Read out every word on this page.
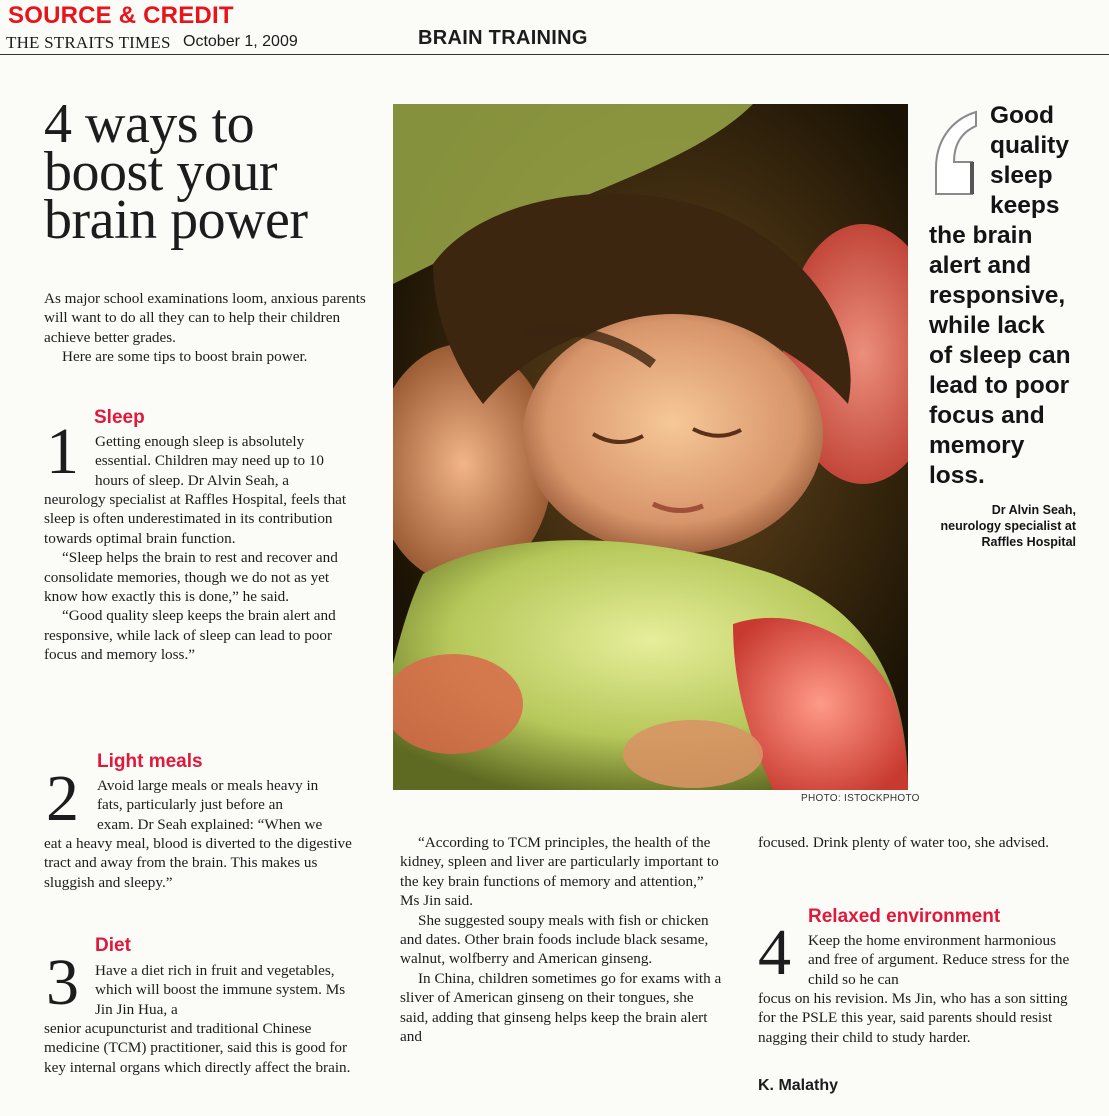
SOURCE & CREDIT
THE STRAITS TIMES October 1, 2009	BRAIN TRAINING
4 ways to
boost your
brain power

As major school examinations loom, anxious parents will want to do all they can to help their children achieve better grades.

Here are some tips to boost brain power.

Sleep
1 Getting enough sleep is absolutely essential. Children may need up to 10 hours of sleep. Dr Alvin Seah, a

neurology specialist at Raffles Hospital, feels that sleep is often underestimated in its contribution towards optimal brain function.

“Sleep helps the brain to rest and recover and consolidate memories, though we do not as yet know how exactly this is done,” he said.

“Good quality sleep keeps the brain alert and responsive, while lack of sleep can lead to poor focus and memory loss.”

Light meals
2 Avoid large meals or meals heavy in
fats, particularly just before an
exam. Dr Seah explained: “When we

eat a heavy meal, blood is diverted to the digestive tract and away from the brain. This makes us sluggish and sleepy.”

Diet
3 Have a diet rich in fruit and vegetables, which will boost the immune system. Ms Jin Jin Hua, a

senior acupuncturist and traditional Chinese medicine (TCM) practitioner, said this is good for key internal organs which directly affect the brain.

PHOTO: ISTOCKPHOTO

“According to TCM principles, the health of the kidney, spleen and liver are particularly important to the key brain functions of memory and attention,” Ms Jin said.

She suggested soupy meals with fish or chicken and dates. Other brain foods include black sesame, walnut, wolfberry and American ginseng.

In China, children sometimes go for exams with a sliver of American ginseng on their tongues, she said, adding that ginseng helps keep the brain alert and

Good
quality
sleep
keeps
the brain
alert and
responsive,
while lack
of sleep can
lead to poor
focus and
memory
loss.
Dr Alvin Seah,
neurology specialist at
Raffles Hospital

focused. Drink plenty of water too, she advised.

Relaxed environment
4 Keep the home environment harmonious and free of argument. Reduce stress for the child so he can

focus on his revision. Ms Jin, who has a son sitting for the PSLE this year, said parents should resist nagging their child to study harder.

K. Malathy
